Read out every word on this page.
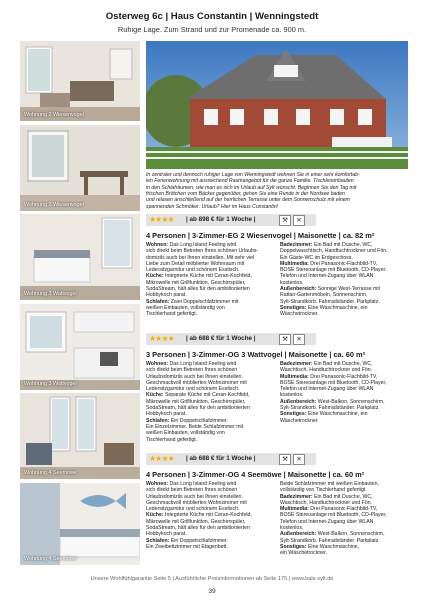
Osterweg 6c | Haus Constantin | Wenningstedt
Ruhige Lage. Zum Strand und zur Promenade ca. 900 m.
Wohnung 2 Wiesenvogel
Wohnung 2 Wiesenvogel
Wohnung 3 Wattvogel
Wohnung 3 Wattvogel
Wohnung 4 Seemöwe
Wohnung 4 Seemöwe
In zentraler und dennoch ruhiger Lage von Wenningstedt wohnen Sie in einer sehr komfortab-
len Ferienwohnung mit ausreichend Raumangebot für die ganze Familie. Tischlereinbauten
in den Schlafräumen, wie man es sich im Urlaub auf Sylt wünscht. Beginnen Sie den Tag mit
frischen Brötchen vom Bäcker gegenüber, gehen Sie eine Runde in der Nordsee baden
und relaxen anschließend auf der herrlichen Terrasse unter dem Sonnenschutz mit einem
spannenden Schmöker. Urlaub? Hier im Haus Constantin!
★★★★ | ab 898 € für 1 Woche |	⚒	✕
4 Personen | 3-Zimmer-EG 2 Wiesenvogel | Maisonette | ca. 82 m²
Wohnen: Das Long Island Feeling wird
sich direkt beim Betreten Ihres schönen Urlaubs-
domizils auch bei Ihnen einstellen. Mit sehr viel
Liebe zum Detail möblierter Wohnraum mit
Ledersitzgarnitur und schönem Esstisch.
Küche: Integrierte Küche mit Ceran-Kochfeld,
Mikrowelle mit Grillfunktion, Geschirrspüler,
SodaStream, hält alles für den ambitionierten
Hobbykoch parat.
Schlafen: Zwei Doppelschlafzimmer mit
weißen Einbauten, vollständig von
Tischlerhand gefertigt.
Badezimmer: Ein Bad mit Dusche, WC,
Doppelwaschtisch, Handtuchtrockner und Fön.
Ein Gäste-WC im Erdgeschoss.
Multimedia: Drei Panasonic-Flachbild-TV,
BOSE Stereoanlage mit Bluetooth, CD-Player.
Telefon und Internet-Zugang über WLAN
kostenlos.
Außenbereich: Sonnige West-Terrasse mit
Rattan-Gartenmöbeln, Sonnenschirm,
Sylt-Strandkorb. Fahrradständer. Parkplatz.
Sonstiges: Eine Waschmaschine, ein
Wäschetrockner.
★★★★ | ab 688 € für 1 Woche |	⚒	✕
3 Personen | 3-Zimmer-OG 3 Wattvogel | Maisonette | ca. 60 m²
Wohnen: Das Long Island Feeling wird
sich direkt beim Betreten Ihres schönen
Urlaubsdomizils auch bei Ihnen einstellen.
Geschmackvoll möbliertes Wohnzimmer mit
Ledersitzgarnitur und schönem Esstisch.
Küche: Separate Küche mit Ceran-Kochfeld,
Mikrowelle mit Grillfunktion, Geschirrspüler,
SodaStream, hält alles für den ambitionierten
Hobbykoch parat.
Schlafen: Ein Doppelschlafzimmer.
Ein Einzelzimmer. Beide Schlafzimmer mit
weißen Einbauten, vollständig von
Tischlerhand gefertigt.
Badezimmer: Ein Bad mit Dusche, WC,
Waschtisch, Handtuchtrockner und Fön.
Multimedia: Drei Panasonic-Flachbild-TV,
BOSE Stereoanlage mit Bluetooth, CD-Player,
Telefon und Internet-Zugang über WLAN
kostenlos.
Außenbereich: West-Balkon, Sonnenschirm,
Sylt-Strandkorb. Fahrradständer. Parkplatz.
Sonstiges: Eine Waschmaschine, ein
Wäschetrockner.
★★★★ | ab 688 € für 1 Woche |	⚒	✕
4 Personen | 3-Zimmer-OG 4 Seemöwe | Maisonette | ca. 60 m²
Wohnen: Das Long Island Feeling wird
sich direkt beim Betreten Ihres schönen
Urlaubsdomizils auch bei Ihnen einstellen.
Geschmackvoll möbliertes Wohnzimmer mit
Ledersitzgarnitur und schönem Esstisch.
Küche: Integrierte Küche mit Ceran-Kochfeld,
Mikrowelle mit Grillfunktion, Geschirrspüler,
SodaStream, hält alles für den ambitionierten
Hobbykoch parat.
Schlafen: Ein Doppelschlafzimmer.
Ein Zweibettzimmer mit Etagenbett.
Beide Schlafzimmer mit weißen Einbauten,
vollständig von Tischlerhand gefertigt.
Badezimmer: Ein Bad mit Dusche, WC,
Waschtisch, Handtuchtrockner und Fön.
Multimedia: Drei Panasonic-Flachbild-TV,
BOSE Stereoanlage mit Bluetooth, CD-Player,
Telefon und Internet-Zugang über WLAN
kostenlos.
Außenbereich: West-Balkon, Sonnenschirm,
Sylt-Strandkorb. Fahrradständer. Parkplatz.
Sonstiges: Eine Waschmaschine,
ein Wäschetrockner.
Unsere Wohlfühlgarantie Seite 5 | Ausführliche Preisinformationen ab Seite 175 | www.bals-sylt.de
39
